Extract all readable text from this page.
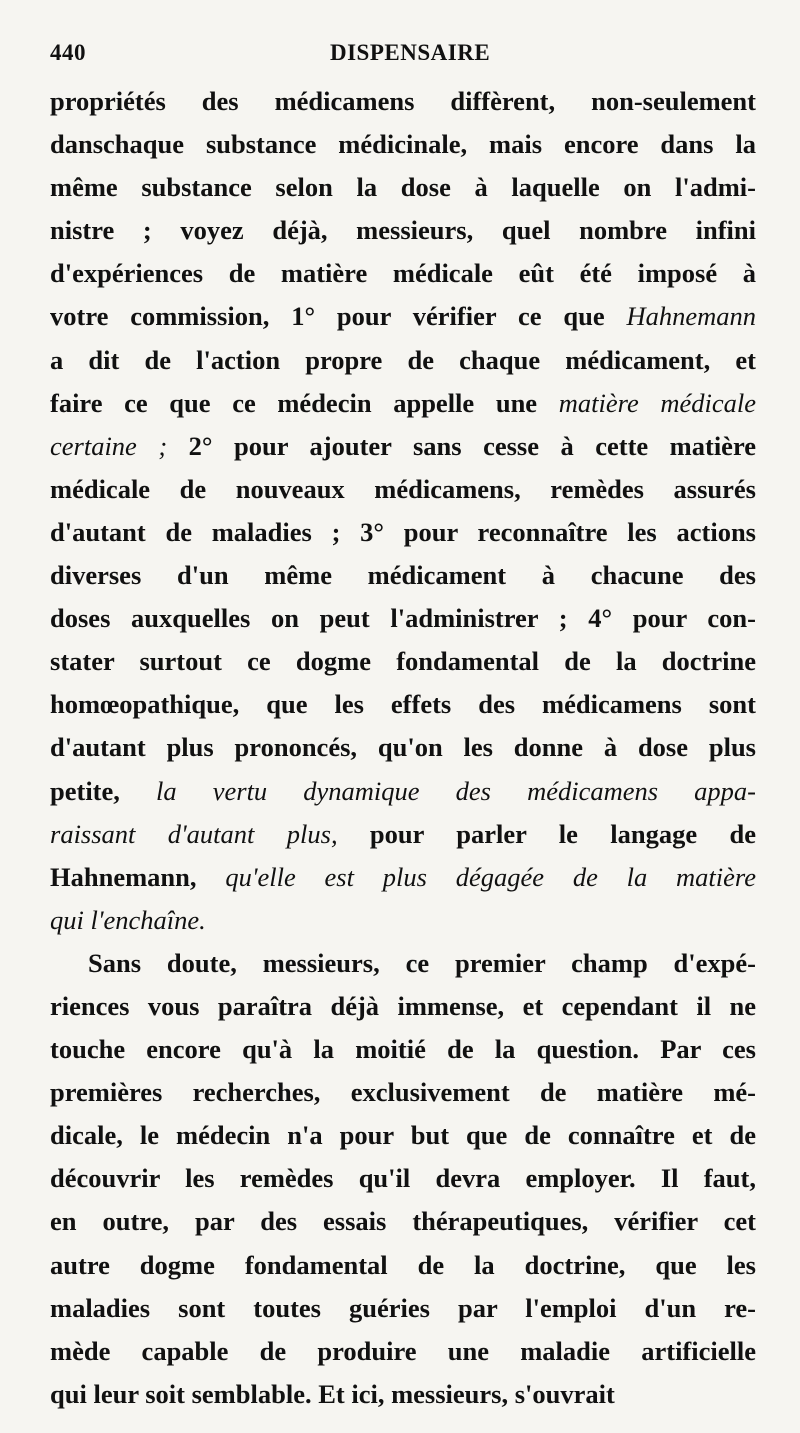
440	DISPENSAIRE
propriétés des médicamens diffèrent, non-seulement
danschaque substance médicinale, mais encore dans la
même substance selon la dose à laquelle on l'admi-
nistre ; voyez déjà, messieurs, quel nombre infini
d'expériences de matière médicale eût été imposé à
votre commission, 1° pour vérifier ce que Hahnemann
a dit de l'action propre de chaque médicament, et
faire ce que ce médecin appelle une matière médicale
certaine ; 2° pour ajouter sans cesse à cette matière
médicale de nouveaux médicamens, remèdes assurés
d'autant de maladies ; 3° pour reconnaître les actions
diverses d'un même médicament à chacune des
doses auxquelles on peut l'administrer ; 4° pour con-
stater surtout ce dogme fondamental de la doctrine
homœopathique, que les effets des médicamens sont
d'autant plus prononcés, qu'on les donne à dose plus
petite, la vertu dynamique des médicamens appa-
raissant d'autant plus, pour parler le langage de
Hahnemann, qu'elle est plus dégagée de la matière
qui l'enchaîne.
Sans doute, messieurs, ce premier champ d'expé-
riences vous paraîtra déjà immense, et cependant il ne
touche encore qu'à la moitié de la question. Par ces
premières recherches, exclusivement de matière mé-
dicale, le médecin n'a pour but que de connaître et de
découvrir les remèdes qu'il devra employer. Il faut,
en outre, par des essais thérapeutiques, vérifier cet
autre dogme fondamental de la doctrine, que les
maladies sont toutes guéries par l'emploi d'un re-
mède capable de produire une maladie artificielle
qui leur soit semblable. Et ici, messieurs, s'ouvrait
